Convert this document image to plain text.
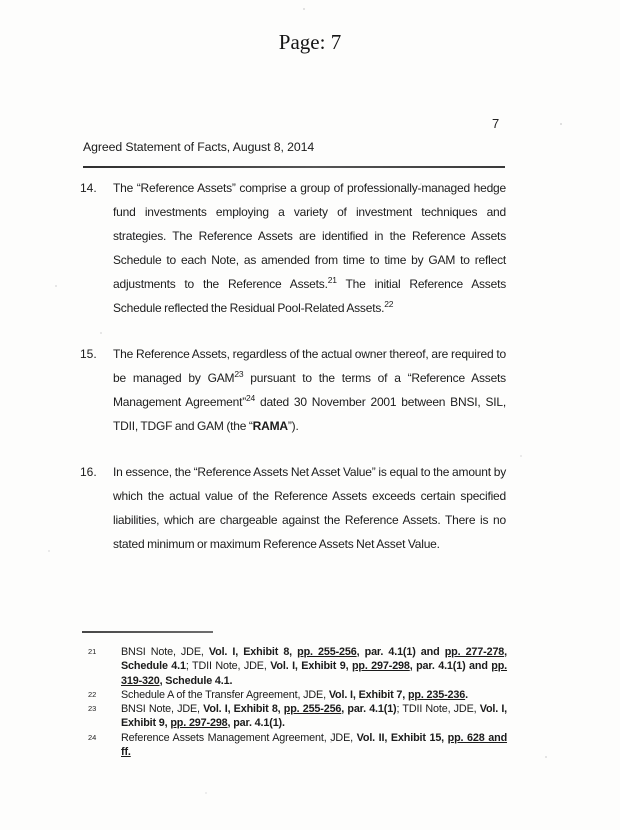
Page: 7
7
Agreed Statement of Facts, August 8, 2014
14.	The “Reference Assets” comprise a group of professionally-managed hedge fund investments employing a variety of investment techniques and strategies. The Reference Assets are identified in the Reference Assets Schedule to each Note, as amended from time to time by GAM to reflect adjustments to the Reference Assets.$^{21}$ The initial Reference Assets Schedule reflected the Residual Pool-Related Assets.$^{22}$
15.	The Reference Assets, regardless of the actual owner thereof, are required to be managed by GAM$^{23}$ pursuant to the terms of a “Reference Assets Management Agreement”$^{24}$ dated 30 November 2001 between BNSI, SIL, TDII, TDGF and GAM (the “RAMA”).
16.	In essence, the “Reference Assets Net Asset Value” is equal to the amount by which the actual value of the Reference Assets exceeds certain specified liabilities, which are chargeable against the Reference Assets. There is no stated minimum or maximum Reference Assets Net Asset Value.
21	BNSI Note, JDE, Vol. I, Exhibit 8, pp. 255-256, par. 4.1(1) and pp. 277-278, Schedule 4.1; TDII Note, JDE, Vol. I, Exhibit 9, pp. 297-298, par. 4.1(1) and pp. 319-320, Schedule 4.1.
22	Schedule A of the Transfer Agreement, JDE, Vol. I, Exhibit 7, pp. 235-236.
23	BNSI Note, JDE, Vol. I, Exhibit 8, pp. 255-256, par. 4.1(1); TDII Note, JDE, Vol. I, Exhibit 9, pp. 297-298, par. 4.1(1).
24	Reference Assets Management Agreement, JDE, Vol. II, Exhibit 15, pp. 628 and ff.
